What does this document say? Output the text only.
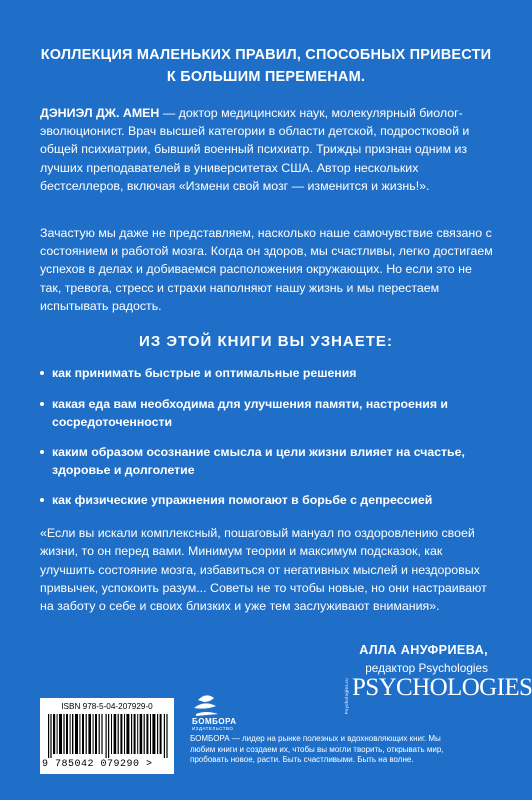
КОЛЛЕКЦИЯ МАЛЕНЬКИХ ПРАВИЛ, СПОСОБНЫХ ПРИВЕСТИ
К БОЛЬШИМ ПЕРЕМЕНАМ.
ДЭНИЭЛ ДЖ. АМЕН — доктор медицинских наук, молекулярный биолог-эволюционист. Врач высшей категории в области детской, подростковой и общей психиатрии, бывший военный психиатр. Трижды признан одним из лучших преподавателей в университетах США. Автор нескольких бестселлеров, включая «Измени свой мозг — изменится и жизнь!».
Зачастую мы даже не представляем, насколько наше самочувствие связано с состоянием и работой мозга. Когда он здоров, мы счастливы, легко достигаем успехов в делах и добиваемся расположения окружающих. Но если это не так, тревога, стресс и страхи наполняют нашу жизнь и мы перестаем испытывать радость.
ИЗ ЭТОЙ КНИГИ ВЫ УЗНАЕТЕ:
как принимать быстрые и оптимальные решения
какая еда вам необходима для улучшения памяти, настроения и сосредоточенности
каким образом осознание смысла и цели жизни влияет на счастье, здоровье и долголетие
как физические упражнения помогают в борьбе с депрессией
«Если вы искали комплексный, пошаговый мануал по оздоровлению своей жизни, то он перед вами. Минимум теории и максимум подсказок, как улучшить состояние мозга, избавиться от негативных мыслей и нездоровых привычек, успокоить разум... Советы не то чтобы новые, но они настраивают на заботу о себе и своих близких и уже тем заслуживают внимания».
АЛЛА АНУФРИЕВА,
редактор Psychologies
Psychologies.ru PSYCHOLOGIES
ISBN 978-5-04-207929-0
9 785042 079290 >
БОМБОРА
ИЗДАТЕЛЬСТВО
БОМБОРА — лидер на рынке полезных и вдохновляющих книг. Мы любим книги и создаем их, чтобы вы могли творить, открывать мир, пробовать новое, расти. Быть счастливыми. Быть на волне.
